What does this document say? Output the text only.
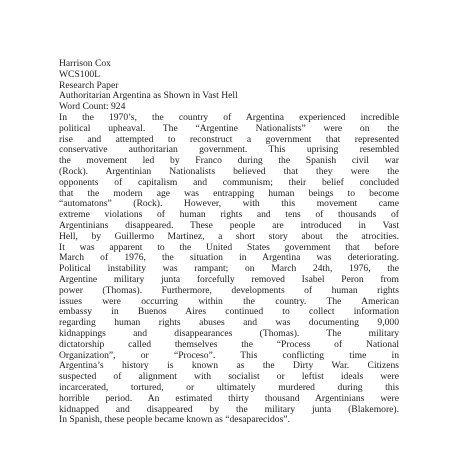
Harrison Cox
WCS100L
Research Paper
Authoritarian Argentina as Shown in Vast Hell
Word Count: 924
In the 1970’s, the country of Argentina experienced incredible
political upheaval. The “Argentine Nationalists” were on the
rise and attempted to reconstruct a government that represented
conservative authoritarian government. This uprising resembled
the movement led by Franco during the Spanish civil war
(Rock). Argentinian Nationalists believed that they were the
opponents of capitalism and communism; their belief concluded
that the modern age was entrapping human beings to become
“automatons” (Rock). However, with this movement came
extreme violations of human rights and tens of thousands of
Argentinians disappeared. These people are introduced in Vast
Hell, by Guillermo Martinez, a short story about the atrocities.
It was apparent to the United States government that before
March of 1976, the situation in Argentina was deteriorating.
Political instability was rampant; on March 24th, 1976, the
Argentine military junta forcefully removed Isabel Peron from
power (Thomas). Furthermore, developments of human rights
issues were occurring within the country. The American
embassy in Buenos Aires continued to collect information
regarding human rights abuses and was documenting 9,000
kidnappings and disappearances (Thomas). The military
dictatorship called themselves the “Process of National
Organization”, or “Proceso”. This conflicting time in
Argentina’s history is known as the Dirty War. Citizens
suspected of alignment with socialist or leftist ideals were
incarcerated, tortured, or ultimately murdered during this
horrible period. An estimated thirty thousand Argentinians were
kidnapped and disappeared by the military junta (Blakemore).
In Spanish, these people became known as “desaparecidos”.
